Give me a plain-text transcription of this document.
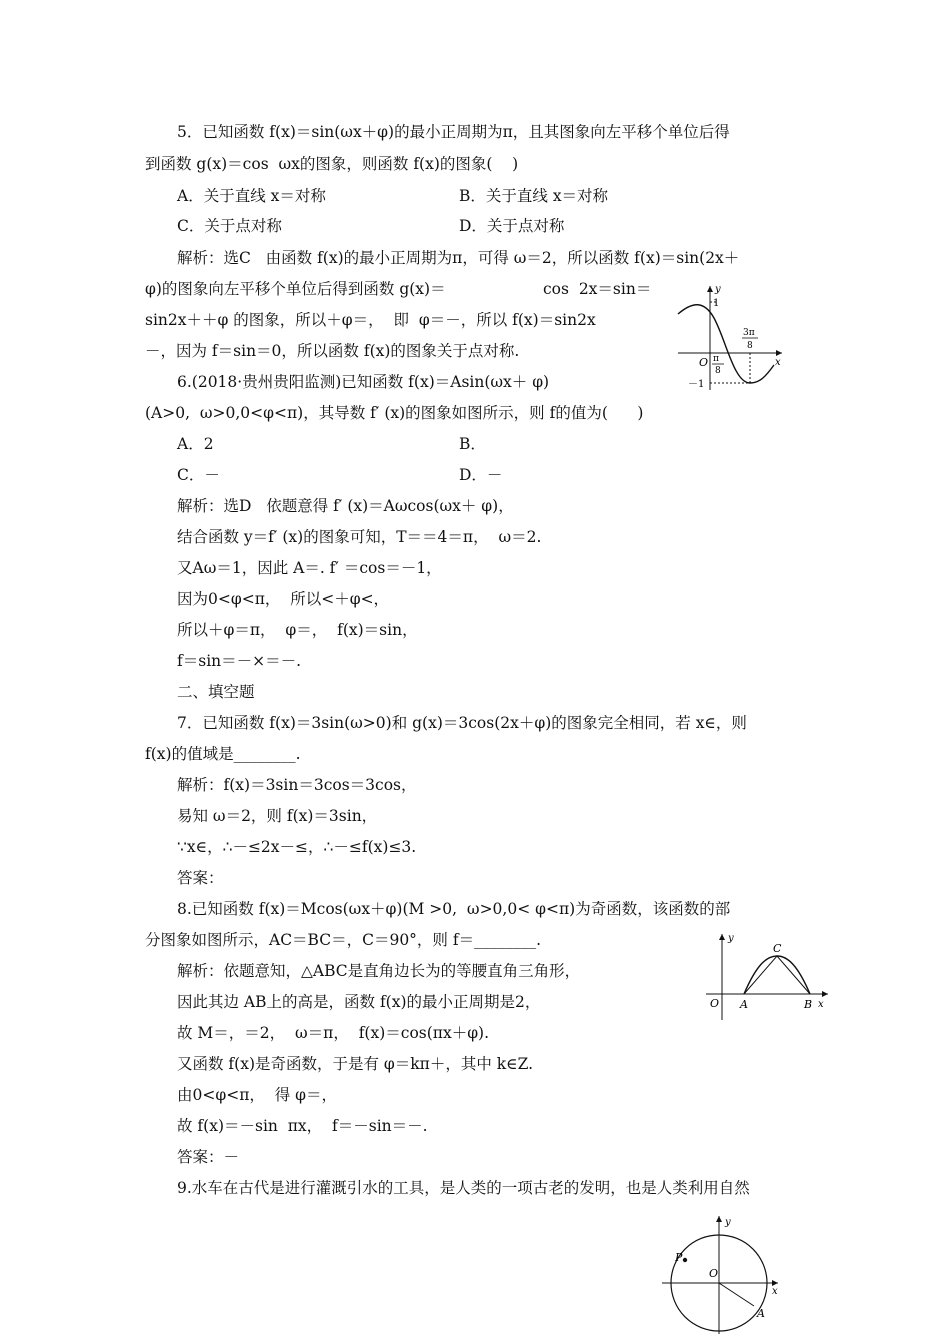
5．已知函数 f(x)＝sin(ωx＋φ)的最小正周期为π，且其图象向左平移个单位后得
到函数 g(x)＝cos  ωx的图象，则函数 f(x)的图象(    )
A．关于直线 x＝对称	B．关于直线 x＝对称
C．关于点对称	D．关于点对称
解析：选C   由函数 f(x)的最小正周期为π，可得 ω＝2，所以函数 f(x)＝sin(2x＋
φ)的图象向左平移个单位后得到函数 g(x)＝	cos  2x＝sin＝
sin2x＋＋φ 的图象，所以＋φ＝，  即  φ＝－，所以 f(x)＝sin2x
－，因为 f＝sin＝0，所以函数 f(x)的图象关于点对称.
6.(2018·贵州贵阳监测)已知函数 f(x)＝Asin(ωx＋ φ)
(A>0,  ω>0,0<φ<π)，其导数 f′ (x)的图象如图所示，则 f的值为(      )
A．2	B．
C．－	D．－
解析：选D   依题意得 f′ (x)＝Aωcos(ωx＋ φ)，
结合函数 y＝f′ (x)的图象可知，T＝＝4＝π，  ω＝2.
又Aω＝1，因此 A＝. f′ ＝cos＝－1，
因为0<φ<π，  所以<＋φ<，
所以＋φ＝π，  φ＝，  f(x)＝sin，
f＝sin＝－×＝－.
二、填空题
7．已知函数 f(x)＝3sin(ω>0)和 g(x)＝3cos(2x＋φ)的图象完全相同，若 x∈，则
f(x)的值域是________.
解析：f(x)＝3sin＝3cos＝3cos，
易知 ω＝2，则 f(x)＝3sin，
∵x∈，∴－≤2x－≤，∴－≤f(x)≤3.
答案：
8.已知函数 f(x)＝Mcos(ωx＋φ)(M >0,  ω>0,0< φ<π)为奇函数，该函数的部
分图象如图所示，AC＝BC＝，C＝90°，则 f＝________.
解析：依题意知，△ABC是直角边长为的等腰直角三角形，
因此其边 AB上的高是，函数 f(x)的最小正周期是2，
故 M＝，＝2，  ω＝π，  f(x)＝cos(πx＋φ).
又函数 f(x)是奇函数，于是有 φ＝kπ＋，其中 k∈Z.
由0<φ<π，  得 φ＝，
故 f(x)＝－sin  πx，  f＝－sin＝－.
答案：－
9.水车在古代是进行灌溉引水的工具，是人类的一项古老的发明，也是人类利用自然
y
x
O
1
－1
π
8
3π
8
y
x
O A	B
C
y
x
O
P
A
